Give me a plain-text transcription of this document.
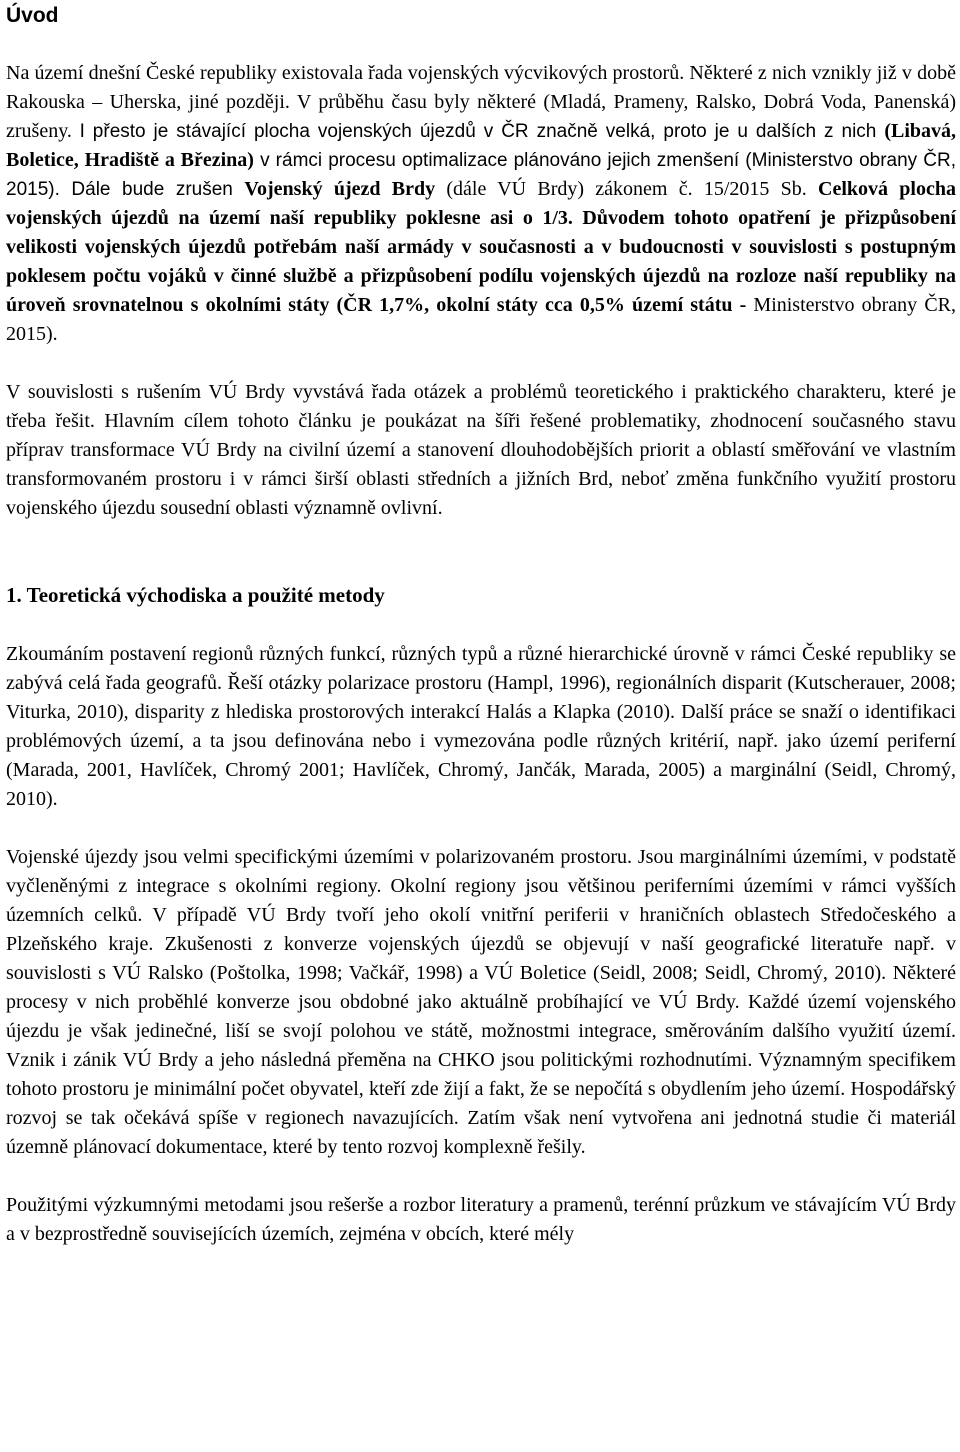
Úvod

Na území dnešní České republiky existovala řada vojenských výcvikových prostorů. Některé z nich vznikly již v době Rakouska – Uherska, jiné později. V průběhu času byly některé (Mladá, Prameny, Ralsko, Dobrá Voda, Panenská) zrušeny. I přesto je stávající plocha vojenských újezdů v ČR značně velká, proto je u dalších z nich (Libavá, Boletice, Hradiště a Březina) v rámci procesu optimalizace plánováno jejich zmenšení (Ministerstvo obrany ČR, 2015). Dále bude zrušen Vojenský újezd Brdy (dále VÚ Brdy) zákonem č. 15/2015 Sb. Celková plocha vojenských újezdů na území naší republiky poklesne asi o 1/3. Důvodem tohoto opatření je přizpůsobení velikosti vojenských újezdů potřebám naší armády v současnosti a v budoucnosti v souvislosti s postupným poklesem počtu vojáků v činné službě a přizpůsobení podílu vojenských újezdů na rozloze naší republiky na úroveň srovnatelnou s okolními státy (ČR 1,7%, okolní státy cca 0,5% území státu - Ministerstvo obrany ČR, 2015).

V souvislosti s rušením VÚ Brdy vyvstává řada otázek a problémů teoretického i praktického charakteru, které je třeba řešit. Hlavním cílem tohoto článku je poukázat na šíři řešené problematiky, zhodnocení současného stavu příprav transformace VÚ Brdy na civilní území a stanovení dlouhodobějších priorit a oblastí směřování ve vlastním transformovaném prostoru i v rámci širší oblasti středních a jižních Brd, neboť změna funkčního využití prostoru vojenského újezdu sousední oblasti významně ovlivní.

1. Teoretická východiska a použité metody

Zkoumáním postavení regionů různých funkcí, různých typů a různé hierarchické úrovně v rámci České republiky se zabývá celá řada geografů. Řeší otázky polarizace prostoru (Hampl, 1996), regionálních disparit (Kutscherauer, 2008; Viturka, 2010), disparity z hlediska prostorových interakcí Halás a Klapka (2010). Další práce se snaží o identifikaci problémových území, a ta jsou definována nebo i vymezována podle různých kritérií, např. jako území periferní (Marada, 2001, Havlíček, Chromý 2001; Havlíček, Chromý, Jančák, Marada, 2005) a marginální (Seidl, Chromý, 2010).

Vojenské újezdy jsou velmi specifickými územími v polarizovaném prostoru. Jsou marginálními územími, v podstatě vyčleněnými z integrace s okolními regiony. Okolní regiony jsou většinou periferními územími v rámci vyšších územních celků. V případě VÚ Brdy tvoří jeho okolí vnitřní periferii v hraničních oblastech Středočeského a Plzeňského kraje. Zkušenosti z konverze vojenských újezdů se objevují v naší geografické literatuře např. v souvislosti s VÚ Ralsko (Poštolka, 1998; Vačkář, 1998) a VÚ Boletice (Seidl, 2008; Seidl, Chromý, 2010). Některé procesy v nich proběhlé konverze jsou obdobné jako aktuálně probíhající ve VÚ Brdy. Každé území vojenského újezdu je však jedinečné, liší se svojí polohou ve státě, možnostmi integrace, směrováním dalšího využití území. Vznik i zánik VÚ Brdy a jeho následná přeměna na CHKO jsou politickými rozhodnutími. Významným specifikem tohoto prostoru je minimální počet obyvatel, kteří zde žijí a fakt, že se nepočítá s obydlením jeho území. Hospodářský rozvoj se tak očekává spíše v regionech navazujících. Zatím však není vytvořena ani jednotná studie či materiál územně plánovací dokumentace, které by tento rozvoj komplexně řešily.

Použitými výzkumnými metodami jsou rešerše a rozbor literatury a pramenů, terénní průzkum ve stávajícím VÚ Brdy a v bezprostředně souvisejících územích, zejména v obcích, které mély
